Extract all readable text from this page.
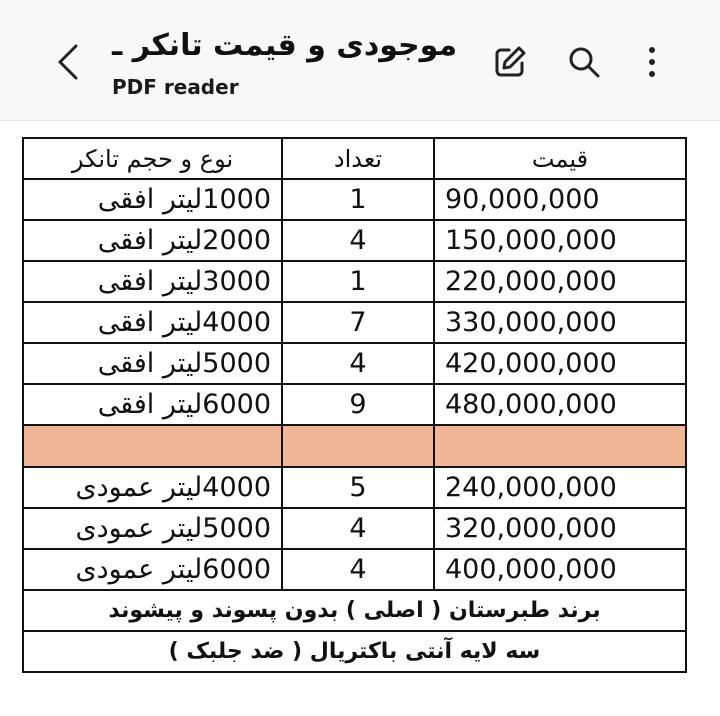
موجودی و قیمت تانکر ـ
PDF reader
قیمت	تعداد	نوع و حجم تانکر
90,000,000	1	1000لیتر افقی
150,000,000	4	2000لیتر افقی
220,000,000	1	3000لیتر افقی
330,000,000	7	4000لیتر افقی
420,000,000	4	5000لیتر افقی
480,000,000	9	6000لیتر افقی

240,000,000	5	4000لیتر عمودی
320,000,000	4	5000لیتر عمودی
400,000,000	4	6000لیتر عمودی
برند طبرستان ( اصلی ) بدون پسوند و پیشوند		
سه لایه آنتی باکتریال ( ضد جلبک )		
